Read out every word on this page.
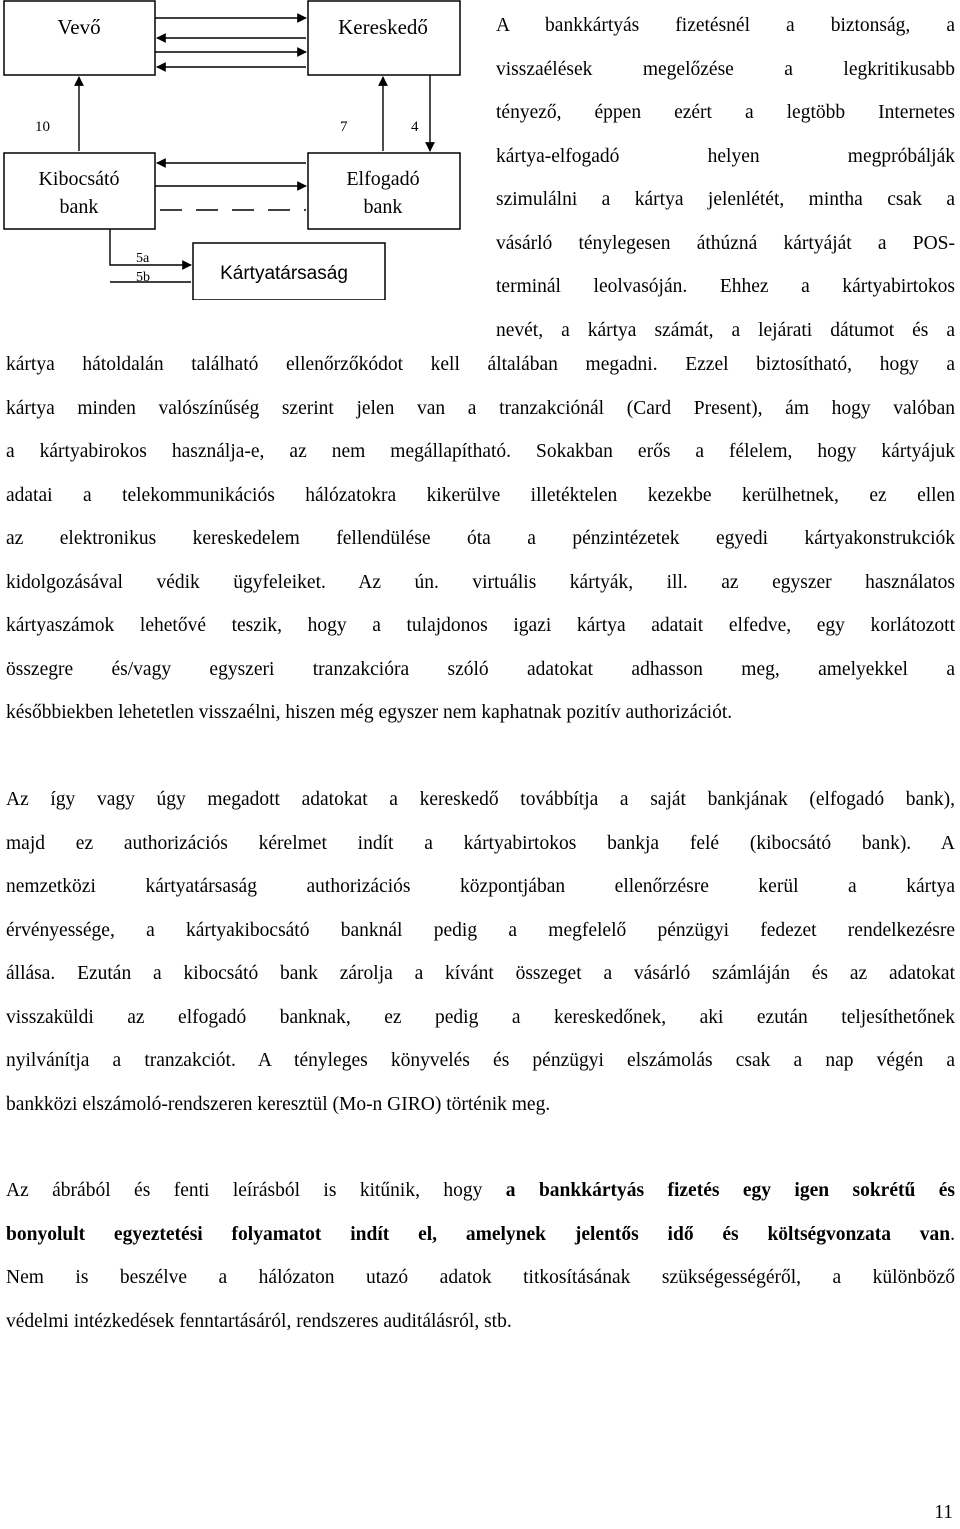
Vevő	Kereskedő
Kibocsátó
bank
Elfogadó
bank
Kártyatársaság
10	7	4
5a
5b
A bankkártyás fizetésnél a biztonság, a
visszaélések megelőzése a legkritikusabb
tényező, éppen ezért a legtöbb Internetes
kártya-elfogadó helyen megpróbálják
szimulálni a kártya jelenlétét, mintha csak a
vásárló ténylegesen áthúzná kártyáját a POS-
terminál leolvasóján. Ehhez a kártyabirtokos
nevét, a kártya számát, a lejárati dátumot és a
kártya hátoldalán található ellenőrzőkódot kell általában megadni. Ezzel biztosítható, hogy a
kártya minden valószínűség szerint jelen van a tranzakciónál (Card Present), ám hogy valóban
a kártyabirokos használja-e, az nem megállapítható. Sokakban erős a félelem, hogy kártyájuk
adatai a telekommunikációs hálózatokra kikerülve illetéktelen kezekbe kerülhetnek, ez ellen
az elektronikus kereskedelem fellendülése óta a pénzintézetek egyedi kártyakonstrukciók
kidolgozásával védik ügyfeleiket. Az ún. virtuális kártyák, ill. az egyszer használatos
kártyaszámok lehetővé teszik, hogy a tulajdonos igazi kártya adatait elfedve, egy korlátozott
összegre és/vagy egyszeri tranzakcióra szóló adatokat adhasson meg, amelyekkel a
későbbiekben lehetetlen visszaélni, hiszen még egyszer nem kaphatnak pozitív authorizációt.
Az így vagy úgy megadott adatokat a kereskedő továbbítja a saját bankjának (elfogadó bank),
majd ez authorizációs kérelmet indít a kártyabirtokos bankja felé (kibocsátó bank). A
nemzetközi kártyatársaság authorizációs központjában ellenőrzésre kerül a kártya
érvényessége, a kártyakibocsátó banknál pedig a megfelelő pénzügyi fedezet rendelkezésre
állása. Ezután a kibocsátó bank zárolja a kívánt összeget a vásárló számláján és az adatokat
visszaküldi az elfogadó banknak, ez pedig a kereskedőnek, aki ezután teljesíthetőnek
nyilvánítja a tranzakciót. A tényleges könyvelés és pénzügyi elszámolás csak a nap végén a
bankközi elszámoló-rendszeren keresztül (Mo-n GIRO) történik meg.
Az ábrából és fenti leírásból is kitűnik, hogy a bankkártyás fizetés egy igen sokrétű és
bonyolult egyeztetési folyamatot indít el, amelynek jelentős idő és költségvonzata van.
Nem is beszélve a hálózaton utazó adatok titkosításának szükségességéről, a különböző
védelmi intézkedések fenntartásáról, rendszeres auditálásról, stb.
11
